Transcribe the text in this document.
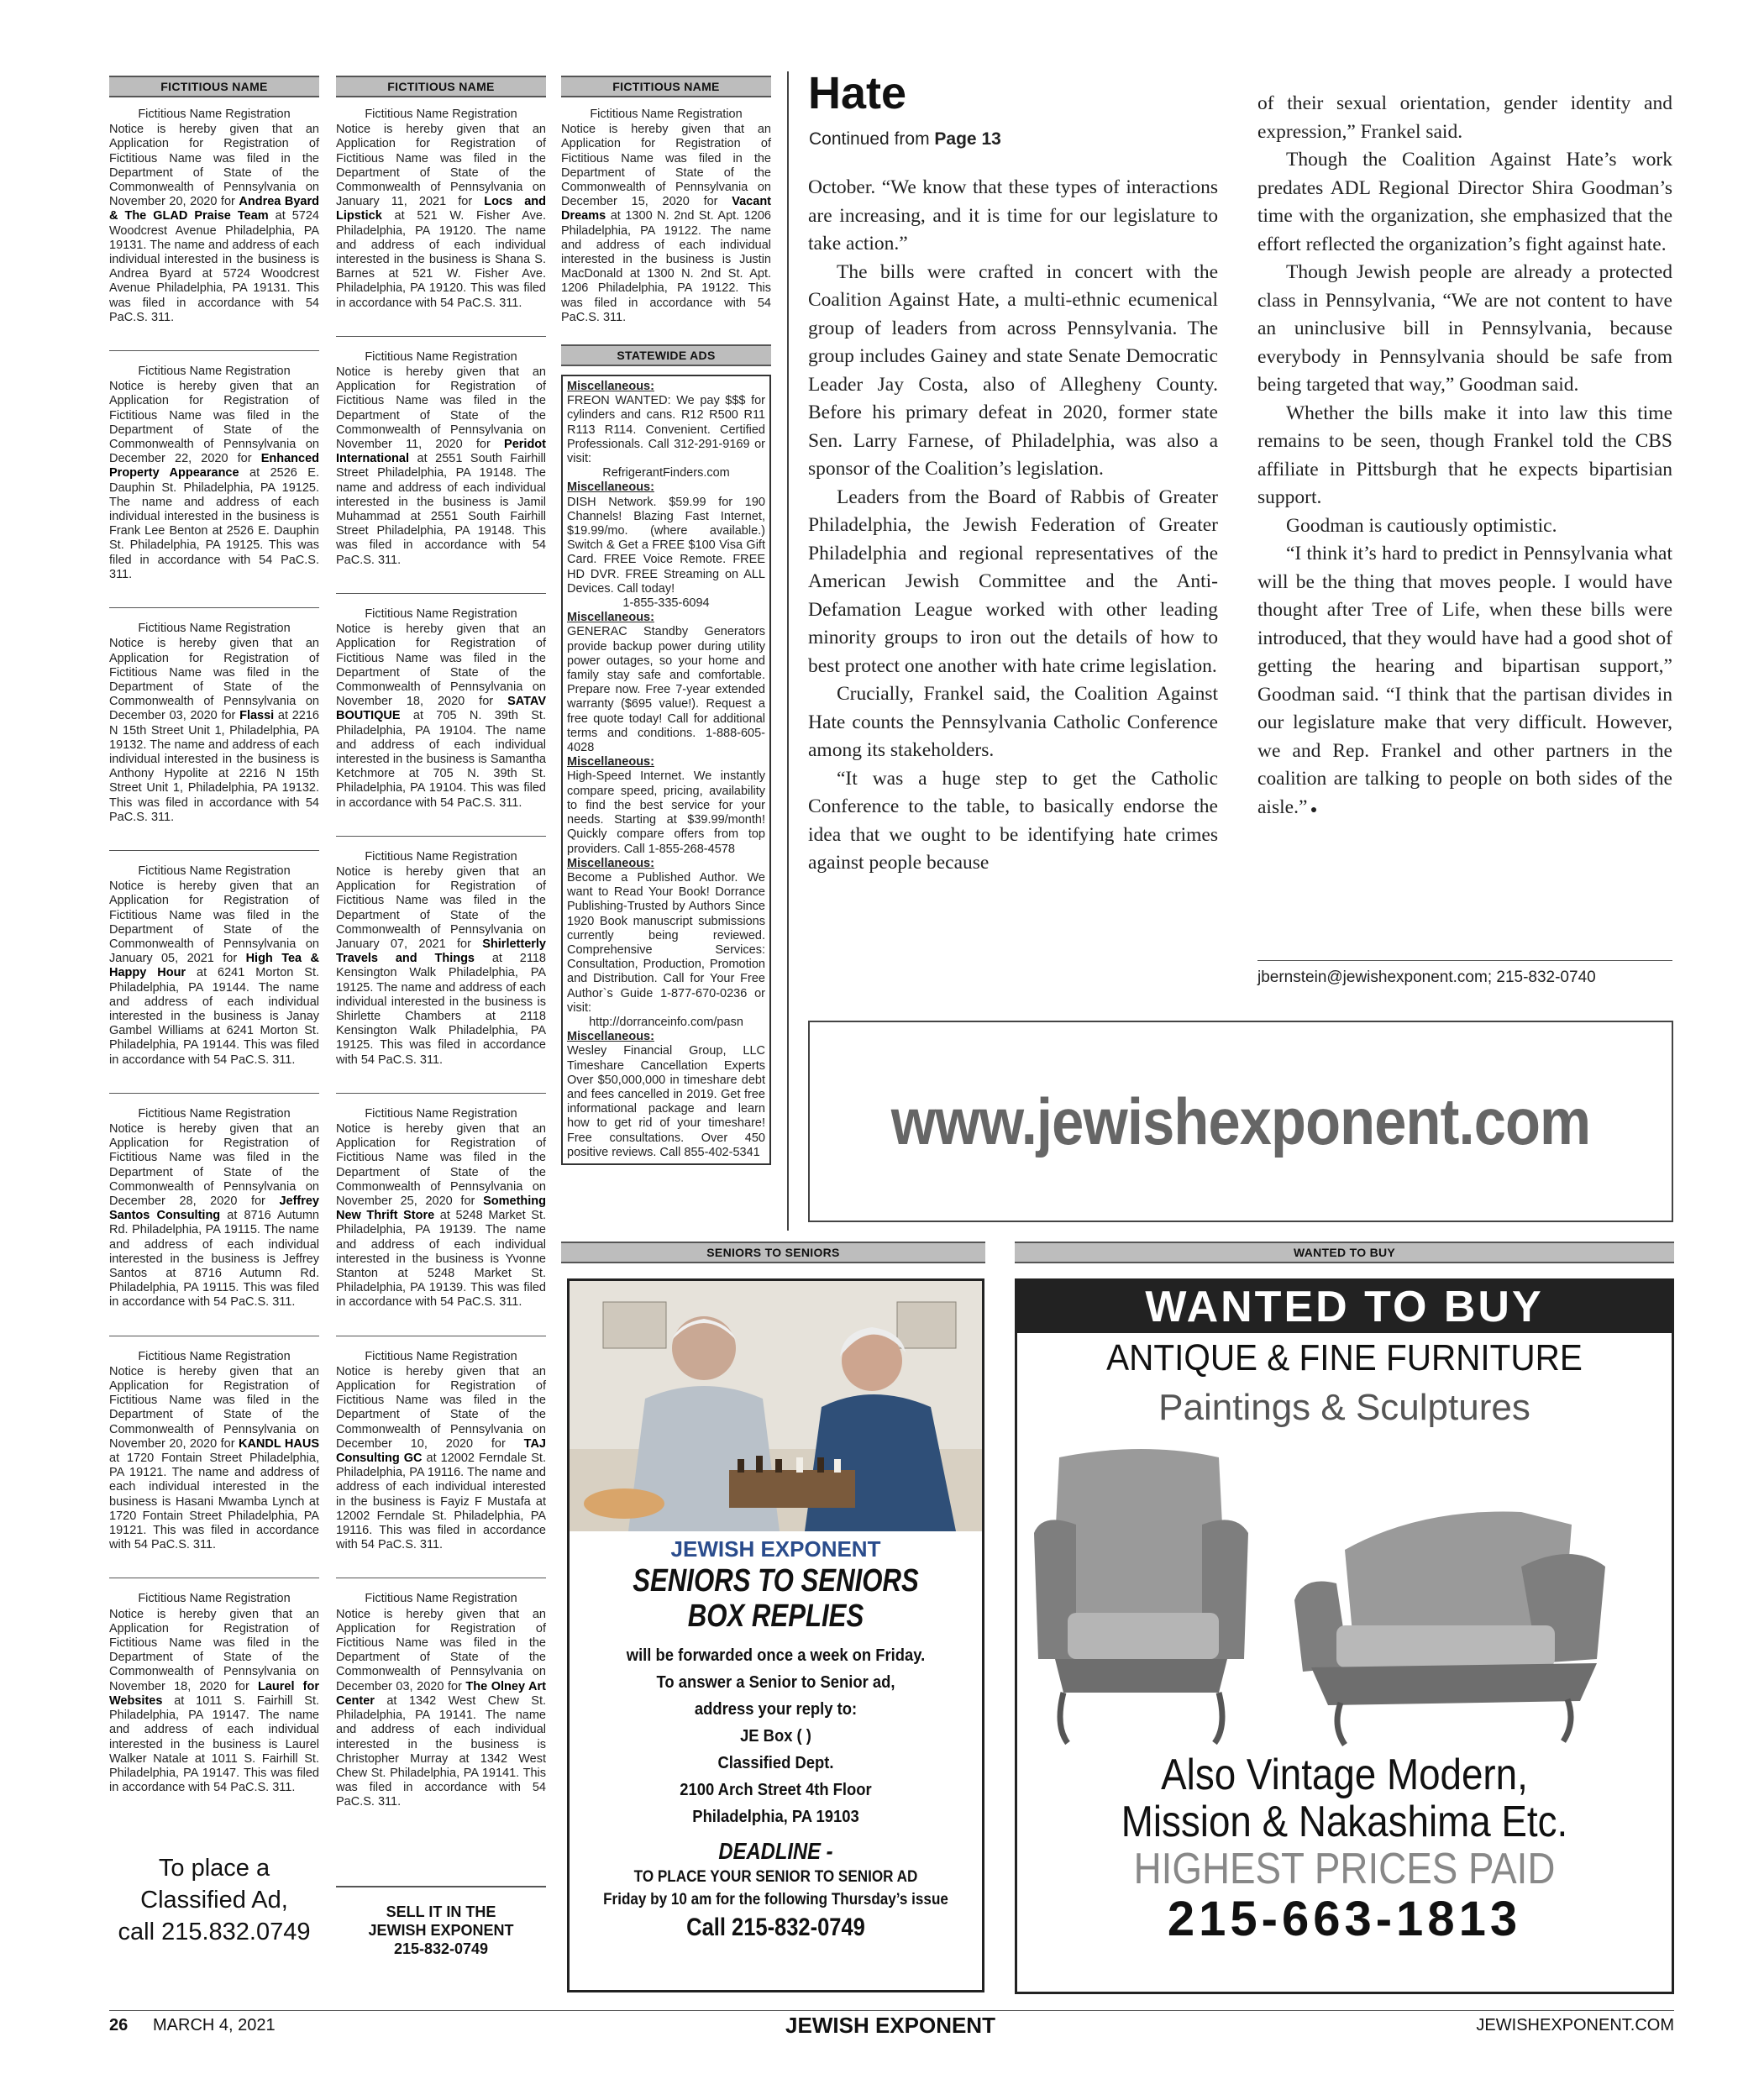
FICTITIOUS NAME	FICTITIOUS NAME	FICTITIOUS NAME
Fictitious Name Registration
Notice is hereby given that an Application for Registration of Fictitious Name was filed in the Department of State of the Commonwealth of Pennsylvania on November 20, 2020 for Andrea Byard & The GLAD Praise Team at 5724 Woodcrest Avenue Philadelphia, PA 19131. The name and address of each individual interested in the business is Andrea Byard at 5724 Woodcrest Avenue Philadelphia, PA 19131. This was filed in accordance with 54 PaC.S. 311.
Fictitious Name Registration
Notice is hereby given that an Application for Registration of Fictitious Name was filed in the Department of State of the Commonwealth of Pennsylvania on December 22, 2020 for Enhanced Property Appearance at 2526 E. Dauphin St. Philadelphia, PA 19125. The name and address of each individual interested in the business is Frank Lee Benton at 2526 E. Dauphin St. Philadelphia, PA 19125. This was filed in accordance with 54 PaC.S. 311.
Fictitious Name Registration
Notice is hereby given that an Application for Registration of Fictitious Name was filed in the Department of State of the Commonwealth of Pennsylvania on December 03, 2020 for Flassi at 2216 N 15th Street Unit 1, Philadelphia, PA 19132. The name and address of each individual interested in the business is Anthony Hypolite at 2216 N 15th Street Unit 1, Philadelphia, PA 19132. This was filed in accordance with 54 PaC.S. 311.
Fictitious Name Registration
Notice is hereby given that an Application for Registration of Fictitious Name was filed in the Department of State of the Commonwealth of Pennsylvania on January 05, 2021 for High Tea & Happy Hour at 6241 Morton St. Philadelphia, PA 19144. The name and address of each individual interested in the business is Janay Gambel Williams at 6241 Morton St. Philadelphia, PA 19144. This was filed in accordance with 54 PaC.S. 311.
Fictitious Name Registration
Notice is hereby given that an Application for Registration of Fictitious Name was filed in the Department of State of the Commonwealth of Pennsylvania on December 28, 2020 for Jeffrey Santos Consulting at 8716 Autumn Rd. Philadelphia, PA 19115. The name and address of each individual interested in the business is Jeffrey Santos at 8716 Autumn Rd. Philadelphia, PA 19115. This was filed in accordance with 54 PaC.S. 311.
Fictitious Name Registration
Notice is hereby given that an Application for Registration of Fictitious Name was filed in the Department of State of the Commonwealth of Pennsylvania on November 20, 2020 for KANDL HAUS at 1720 Fontain Street Philadelphia, PA 19121. The name and address of each individual interested in the business is Hasani Mwamba Lynch at 1720 Fontain Street Philadelphia, PA 19121. This was filed in accordance with 54 PaC.S. 311.
Fictitious Name Registration
Notice is hereby given that an Application for Registration of Fictitious Name was filed in the Department of State of the Commonwealth of Pennsylvania on November 18, 2020 for Laurel for Websites at 1011 S. Fairhill St. Philadelphia, PA 19147. The name and address of each individual interested in the business is Laurel Walker Natale at 1011 S. Fairhill St. Philadelphia, PA 19147. This was filed in accordance with 54 PaC.S. 311.
Fictitious Name Registration
Notice is hereby given that an Application for Registration of Fictitious Name was filed in the Department of State of the Commonwealth of Pennsylvania on January 11, 2021 for Locs and Lipstick at 521 W. Fisher Ave. Philadelphia, PA 19120. The name and address of each individual interested in the business is Shana S. Barnes at 521 W. Fisher Ave. Philadelphia, PA 19120. This was filed in accordance with 54 PaC.S. 311.
Fictitious Name Registration
Notice is hereby given that an Application for Registration of Fictitious Name was filed in the Department of State of the Commonwealth of Pennsylvania on November 11, 2020 for Peridot International at 2551 South Fairhill Street Philadelphia, PA 19148. The name and address of each individual interested in the business is Jamil Muhammad at 2551 South Fairhill Street Philadelphia, PA 19148. This was filed in accordance with 54 PaC.S. 311.
Fictitious Name Registration
Notice is hereby given that an Application for Registration of Fictitious Name was filed in the Department of State of the Commonwealth of Pennsylvania on November 18, 2020 for SATAV BOUTIQUE at 705 N. 39th St. Philadelphia, PA 19104. The name and address of each individual interested in the business is Samantha Ketchmore at 705 N. 39th St. Philadelphia, PA 19104. This was filed in accordance with 54 PaC.S. 311.
Fictitious Name Registration
Notice is hereby given that an Application for Registration of Fictitious Name was filed in the Department of State of the Commonwealth of Pennsylvania on January 07, 2021 for Shirletterly Travels and Things at 2118 Kensington Walk Philadelphia, PA 19125. The name and address of each individual interested in the business is Shirlette Chambers at 2118 Kensington Walk Philadelphia, PA 19125. This was filed in accordance with 54 PaC.S. 311.
Fictitious Name Registration
Notice is hereby given that an Application for Registration of Fictitious Name was filed in the Department of State of the Commonwealth of Pennsylvania on November 25, 2020 for Something New Thrift Store at 5248 Market St. Philadelphia, PA 19139. The name and address of each individual interested in the business is Yvonne Stanton at 5248 Market St. Philadelphia, PA 19139. This was filed in accordance with 54 PaC.S. 311.
Fictitious Name Registration
Notice is hereby given that an Application for Registration of Fictitious Name was filed in the Department of State of the Commonwealth of Pennsylvania on December 10, 2020 for TAJ Consulting GC at 12002 Ferndale St. Philadelphia, PA 19116. The name and address of each individual interested in the business is Fayiz F Mustafa at 12002 Ferndale St. Philadelphia, PA 19116. This was filed in accordance with 54 PaC.S. 311.
Fictitious Name Registration
Notice is hereby given that an Application for Registration of Fictitious Name was filed in the Department of State of the Commonwealth of Pennsylvania on December 03, 2020 for The Olney Art Center at 1342 West Chew St. Philadelphia, PA 19141. The name and address of each individual interested in the business is Christopher Murray at 1342 West Chew St. Philadelphia, PA 19141. This was filed in accordance with 54 PaC.S. 311.
Fictitious Name Registration
Notice is hereby given that an Application for Registration of Fictitious Name was filed in the Department of State of the Commonwealth of Pennsylvania on December 15, 2020 for Vacant Dreams at 1300 N. 2nd St. Apt. 1206 Philadelphia, PA 19122. The name and address of each individual interested in the business is Justin MacDonald at 1300 N. 2nd St. Apt. 1206 Philadelphia, PA 19122. This was filed in accordance with 54 PaC.S. 311.
To place a
Classified Ad,
call 215.832.0749
SELL IT IN THE
JEWISH EXPONENT
215-832-0749
STATEWIDE ADS
Miscellaneous:
FREON WANTED: We pay $$$ for cylinders and cans. R12 R500 R11 R113 R114. Convenient. Certified Professionals. Call 312-291-9169 or visit:
RefrigerantFinders.com
Miscellaneous:
DISH Network. $59.99 for 190 Channels! Blazing Fast Internet, $19.99/mo. (where available.) Switch & Get a FREE $100 Visa Gift Card. FREE Voice Remote. FREE HD DVR. FREE Streaming on ALL Devices. Call today!
1-855-335-6094
Miscellaneous:
GENERAC Standby Generators provide backup power during utility power outages, so your home and family stay safe and comfortable. Prepare now. Free 7-year extended warranty ($695 value!). Request a free quote today! Call for additional terms and conditions. 1-888-605-4028

Miscellaneous:
High-Speed Internet. We instantly compare speed, pricing, availability to find the best service for your needs. Starting at $39.99/month! Quickly compare offers from top providers. Call 1-855-268-4578

Miscellaneous:
Become a Published Author. We want to Read Your Book! Dorrance Publishing-Trusted by Authors Since 1920 Book manuscript submissions currently being reviewed. Comprehensive Services: Consultation, Production, Promotion and Distribution. Call for Your Free Author`s Guide 1-877-670-0236 or visit:
http://dorranceinfo.com/pasn
Miscellaneous:
Wesley Financial Group, LLC Timeshare Cancellation Experts Over $50,000,000 in timeshare debt and fees cancelled in 2019. Get free informational package and learn how to get rid of your timeshare! Free consultations. Over 450 positive reviews. Call 855-402-5341

Hate
Continued from Page 13

October. “We know that these types of interactions are increasing, and it is time for our legislature to take action.”

The bills were crafted in concert with the Coalition Against Hate, a multi-ethnic ecumenical group of leaders from across Pennsylvania. The group includes Gainey and state Senate Democratic Leader Jay Costa, also of Allegheny County. Before his primary defeat in 2020, former state Sen. Larry Farnese, of Philadelphia, was also a sponsor of the Coalition’s legislation.

Leaders from the Board of Rabbis of Greater Philadelphia, the Jewish Federation of Greater Philadelphia and regional representatives of the American Jewish Committee and the Anti-Defamation League worked with other leading minority groups to iron out the details of how to best protect one another with hate crime legislation.

Crucially, Frankel said, the Coalition Against Hate counts the Pennsylvania Catholic Conference among its stakeholders.

“It was a huge step to get the Catholic Conference to the table, to basically endorse the idea that we ought to be identifying hate crimes against people because

of their sexual orientation, gender identity and expression,” Frankel said.

Though the Coalition Against Hate’s work predates ADL Regional Director Shira Goodman’s time with the organization, she emphasized that the effort reflected the organization’s fight against hate.

Though Jewish people are already a protected class in Pennsylvania, “We are not content to have an uninclusive bill in Pennsylvania, because everybody in Pennsylvania should be safe from being targeted that way,” Goodman said.

Whether the bills make it into law this time remains to be seen, though Frankel told the CBS affiliate in Pittsburgh that he expects bipartisian support.

Goodman is cautiously optimistic.

“I think it’s hard to predict in Pennsylvania what will be the thing that moves people. I would have thought after Tree of Life, when these bills were introduced, that they would have had a good shot of getting the hearing and bipartisan support,” Goodman said. “I think that the partisan divides in our legislature make that very difficult. However, we and Rep. Frankel and other partners in the coalition are talking to people on both sides of the aisle.” ●

jbernstein@jewishexponent.com; 215-832-0740
www.jewishexponent.com
SENIORS TO SENIORS
JEWISH EXPONENT
SENIORS TO SENIORS
BOX REPLIES
will be forwarded once a week on Friday.
To answer a Senior to Senior ad,
address your reply to:
JE Box ( )
Classified Dept.
2100 Arch Street 4th Floor
Philadelphia, PA 19103
DEADLINE -
TO PLACE YOUR SENIOR TO SENIOR AD
Friday by 10 am for the following Thursday’s issue
Call 215-832-0749
WANTED TO BUY
WANTED TO BUY
ANTIQUE & FINE FURNITURE
Paintings & Sculptures
Also Vintage Modern,
Mission & Nakashima Etc.
HIGHEST PRICES PAID
215-663-1813
26 MARCH 4, 2021	JEWISH EXPONENT	JEWISHEXPONENT.COM
